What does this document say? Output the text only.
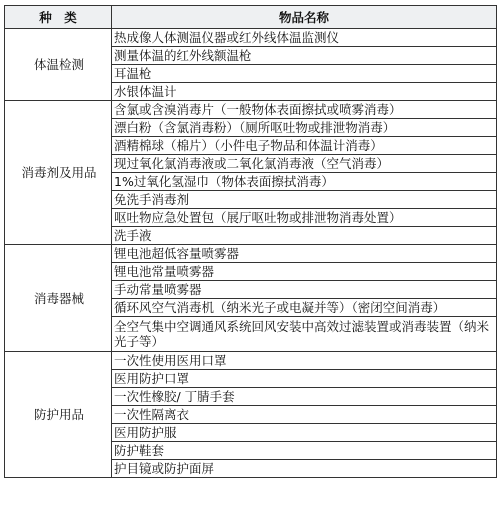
种　类	物品名称
体温检测	热成像人体测温仪器或红外线体温监测仪
	测量体温的红外线额温枪
	耳温枪
	水银体温计
消毒剂及用品	含氯或含溴消毒片（一般物体表面擦拭或喷雾消毒）
	漂白粉（含氯消毒粉）（厕所呕吐物或排泄物消毒）
	酒精棉球（棉片）（小件电子物品和体温计消毒）
	现过氧化氯消毒液或二氧化氯消毒液（空气消毒）
	1%过氧化氢湿巾（物体表面擦拭消毒）
	免洗手消毒剂
	呕吐物应急处置包（展厅呕吐物或排泄物消毒处置）
	洗手液
消毒器械	锂电池超低容量喷雾器
	锂电池常量喷雾器
	手动常量喷雾器
	循环风空气消毒机（纳米光子或电凝并等）（密闭空间消毒）
	全空气集中空调通风系统回风安装中高效过滤装置或消毒装置（纳米光子等）
防护用品	一次性使用医用口罩
	医用防护口罩
	一次性橡胶/ 丁腈手套
	一次性隔离衣
	医用防护服
	防护鞋套
	护目镜或防护面屏
